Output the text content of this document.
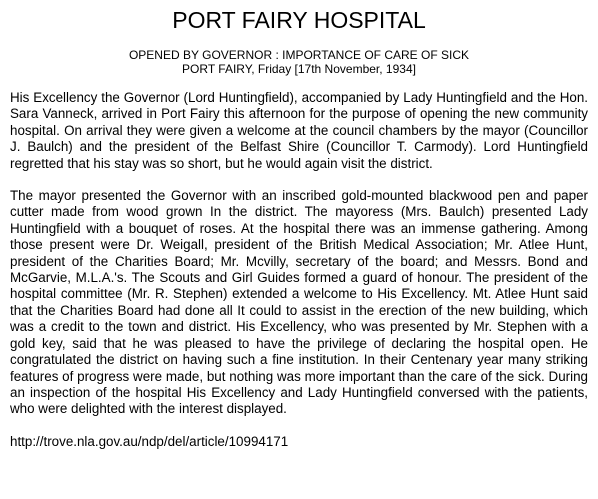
PORT FAIRY HOSPITAL
OPENED BY GOVERNOR : IMPORTANCE OF CARE OF SICK
PORT FAIRY, Friday [17th November, 1934]

His Excellency the Governor (Lord Huntingfield), accompanied by Lady Huntingfield and the Hon. Sara Vanneck, arrived in Port Fairy this afternoon for the purpose of opening the new community hospital. On arrival they were given a welcome at the council chambers by the mayor (Councillor J. Baulch) and the president of the Belfast Shire (Councillor T. Carmody). Lord Huntingfield regretted that his stay was so short, but he would again visit the district.

The mayor presented the Governor with an inscribed gold-mounted blackwood pen and paper cutter made from wood grown In the district. The mayoress (Mrs. Baulch) presented Lady Huntingfield with a bouquet of roses. At the hospital there was an immense gathering. Among those present were Dr. Weigall, president of the British Medical Association; Mr. Atlee Hunt, president of the Charities Board; Mr. Mcvilly, secretary of the board; and Messrs. Bond and McGarvie, M.L.A.'s. The Scouts and Girl Guides formed a guard of honour. The president of the hospital committee (Mr. R. Stephen) extended a welcome to His Excellency. Mt. Atlee Hunt said that the Charities Board had done all It could to assist in the erection of the new building, which was a credit to the town and district. His Excellency, who was presented by Mr. Stephen with a gold key, said that he was pleased to have the privilege of declaring the hospital open. He congratulated the district on having such a fine institution. In their Centenary year many striking features of progress were made, but nothing was more important than the care of the sick. During an inspection of the hospital His Excellency and Lady Huntingfield conversed with the patients, who were delighted with the interest displayed.

http://trove.nla.gov.au/ndp/del/article/10994171
